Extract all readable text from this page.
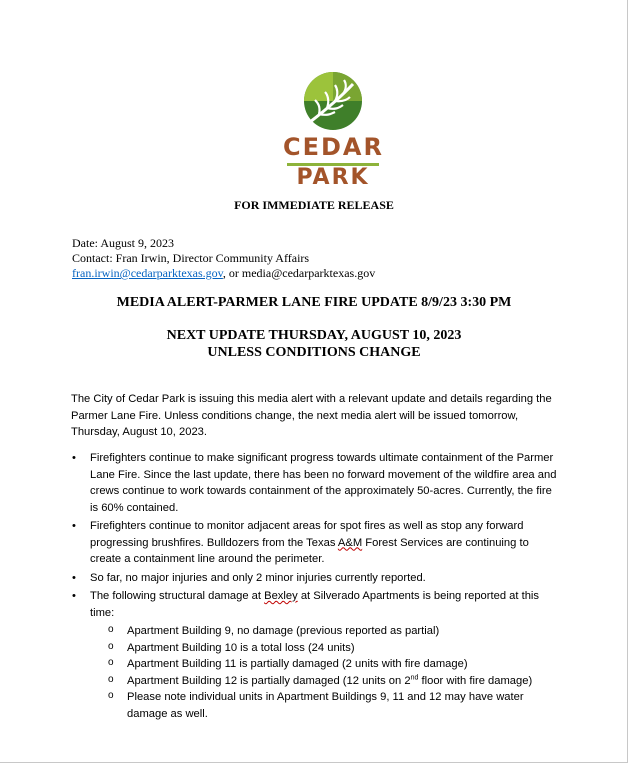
CEDAR
PARK
FOR IMMEDIATE RELEASE
Date: August 9, 2023
Contact: Fran Irwin, Director Community Affairs
fran.irwin@cedarparktexas.gov, or media@cedarparktexas.gov
MEDIA ALERT-PARMER LANE FIRE UPDATE 8/9/23 3:30 PM
NEXT UPDATE THURSDAY, AUGUST 10, 2023
UNLESS CONDITIONS CHANGE
The City of Cedar Park is issuing this media alert with a relevant update and details regarding the Parmer Lane Fire. Unless conditions change, the next media alert will be issued tomorrow, Thursday, August 10, 2023.
• Firefighters continue to make significant progress towards ultimate containment of the Parmer Lane Fire. Since the last update, there has been no forward movement of the wildfire area and crews continue to work towards containment of the approximately 50-acres. Currently, the fire is 60% contained.
• Firefighters continue to monitor adjacent areas for spot fires as well as stop any forward progressing brushfires. Bulldozers from the Texas A&M Forest Services are continuing to create a containment line around the perimeter.
• So far, no major injuries and only 2 minor injuries currently reported.
• The following structural damage at Bexley at Silverado Apartments is being reported at this time:
o Apartment Building 9, no damage (previous reported as partial)
o Apartment Building 10 is a total loss (24 units)
o Apartment Building 11 is partially damaged (2 units with fire damage)
o Apartment Building 12 is partially damaged (12 units on 2nd floor with fire damage)
o Please note individual units in Apartment Buildings 9, 11 and 12 may have water damage as well.
